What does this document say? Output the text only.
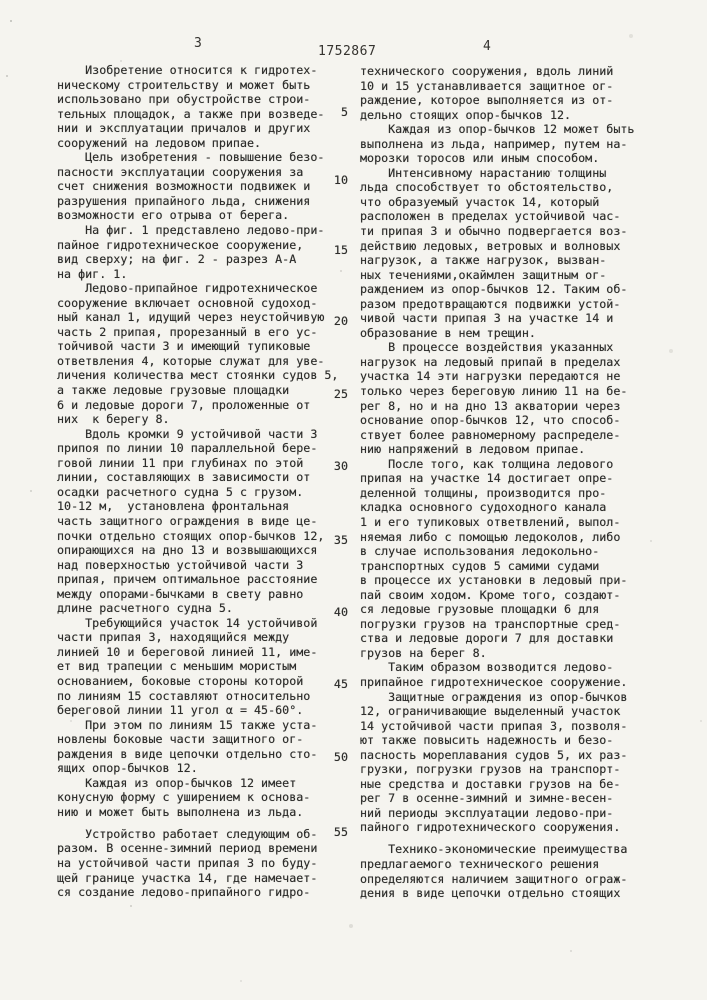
3
1752867	4
Изобретение относится к гидротех-
ническому строительству и может быть
использовано при обустройстве строи-
тельных площадок, а также при возведе-
нии и эксплуатации причалов и других
сооружений на ледовом припае.
Цель изобретения - повышение безо-
пасности эксплуатации сооружения за
счет снижения возможности подвижек и
разрушения припайного льда, снижения
возможности его отрыва от берега.
На фиг. 1 представлено ледово-при-
пайное гидротехническое сооружение,
вид сверху; на фиг. 2 - разрез А-А
на фиг. 1.
Ледово-припайное гидротехническое
сооружение включает основной судоход-
ный канал 1, идущий через неустойчивую
часть 2 припая, прорезанный в его ус-
тойчивой части 3 и имеющий тупиковые
ответвления 4, которые служат для уве-
личения количества мест стоянки судов 5,
а также ледовые грузовые площадки
6 и ледовые дороги 7, проложенные от
них  к берегу 8.
Вдоль кромки 9 устойчивой части 3
припоя по линии 10 параллельной бере-
говой линии 11 при глубинах по этой
линии, составляющих в зависимости от
осадки расчетного судна 5 с грузом.
10-12 м,  установлена фронтальная
часть защитного ограждения в виде це-
почки отдельно стоящих опор-бычков 12,
опирающихся на дно 13 и возвышающихся
над поверхностью устойчивой части 3
припая, причем оптимальное расстояние
между опорами-бычками в свету равно
длине расчетного судна 5.
Требующийся участок 14 устойчивой
части припая 3, находящийся между
линией 10 и береговой линией 11, име-
ет вид трапеции с меньшим мористым
основанием, боковые стороны которой
по линиям 15 составляют относительно
береговой линии 11 угол α = 45-60°.
При этом по линиям 15 также уста-
новлены боковые части защитного ог-
раждения в виде цепочки отдельно сто-
ящих опор-бычков 12.
Каждая из опор-бычков 12 имеет
конусную форму с уширением к основа-
нию и может быть выполнена из льда.
Устройство работает следующим об-
разом. В осенне-зимний период времени
на устойчивой части припая 3 по буду-
щей границе участка 14, где намечает-
ся создание ледово-припайного гидро-
5
10
15
20
25
30
35
40
45
50
55
технического сооружения, вдоль линий
10 и 15 устанавливается защитное ог-
раждение, которое выполняется из от-
дельно стоящих опор-бычков 12.
Каждая из опор-бычков 12 может быть
выполнена из льда, например, путем на-
морозки торосов или иным способом.
Интенсивному нарастанию толщины
льда способствует то обстоятельство,
что образуемый участок 14, который
расположен в пределах устойчивой час-
ти припая 3 и обычно подвергается воз-
действию ледовых, ветровых и волновых
нагрузок, а также нагрузок, вызван-
ных течениями,окаймлен защитным ог-
раждением из опор-бычков 12. Таким об-
разом предотвращаются подвижки устой-
чивой части припая 3 на участке 14 и
образование в нем трещин.
В процессе воздействия указанных
нагрузок на ледовый припай в пределах
участка 14 эти нагрузки передаются не
только через береговую линию 11 на бе-
рег 8, но и на дно 13 акватории через
основание опор-бычков 12, что способ-
ствует более равномерному распределе-
нию напряжений в ледовом припае.
После того, как толщина ледового
припая на участке 14 достигает опре-
деленной толщины, производится про-
кладка основного судоходного канала
1 и его тупиковых ответвлений, выпол-
няемая либо с помощью ледоколов, либо
в случае использования ледокольно-
транспортных судов 5 самими судами
в процессе их установки в ледовый при-
пай своим ходом. Кроме того, создают-
ся ледовые грузовые площадки 6 для
погрузки грузов на транспортные сред-
ства и ледовые дороги 7 для доставки
грузов на берег 8.
Таким образом возводится ледово-
припайное гидротехническое сооружение.
Защитные ограждения из опор-бычков
12, ограничивающие выделенный участок
14 устойчивой части припая 3, позволя-
ют также повысить надежность и безо-
пасность мореплавания судов 5, их раз-
грузки, погрузки грузов на транспорт-
ные средства и доставки грузов на бе-
рег 7 в осенне-зимний и зимне-весен-
ний периоды эксплуатации ледово-при-
пайного гидротехнического сооружения.
Технико-экономические преимущества
предлагаемого технического решения
определяются наличием защитного ограж-
дения в виде цепочки отдельно стоящих
